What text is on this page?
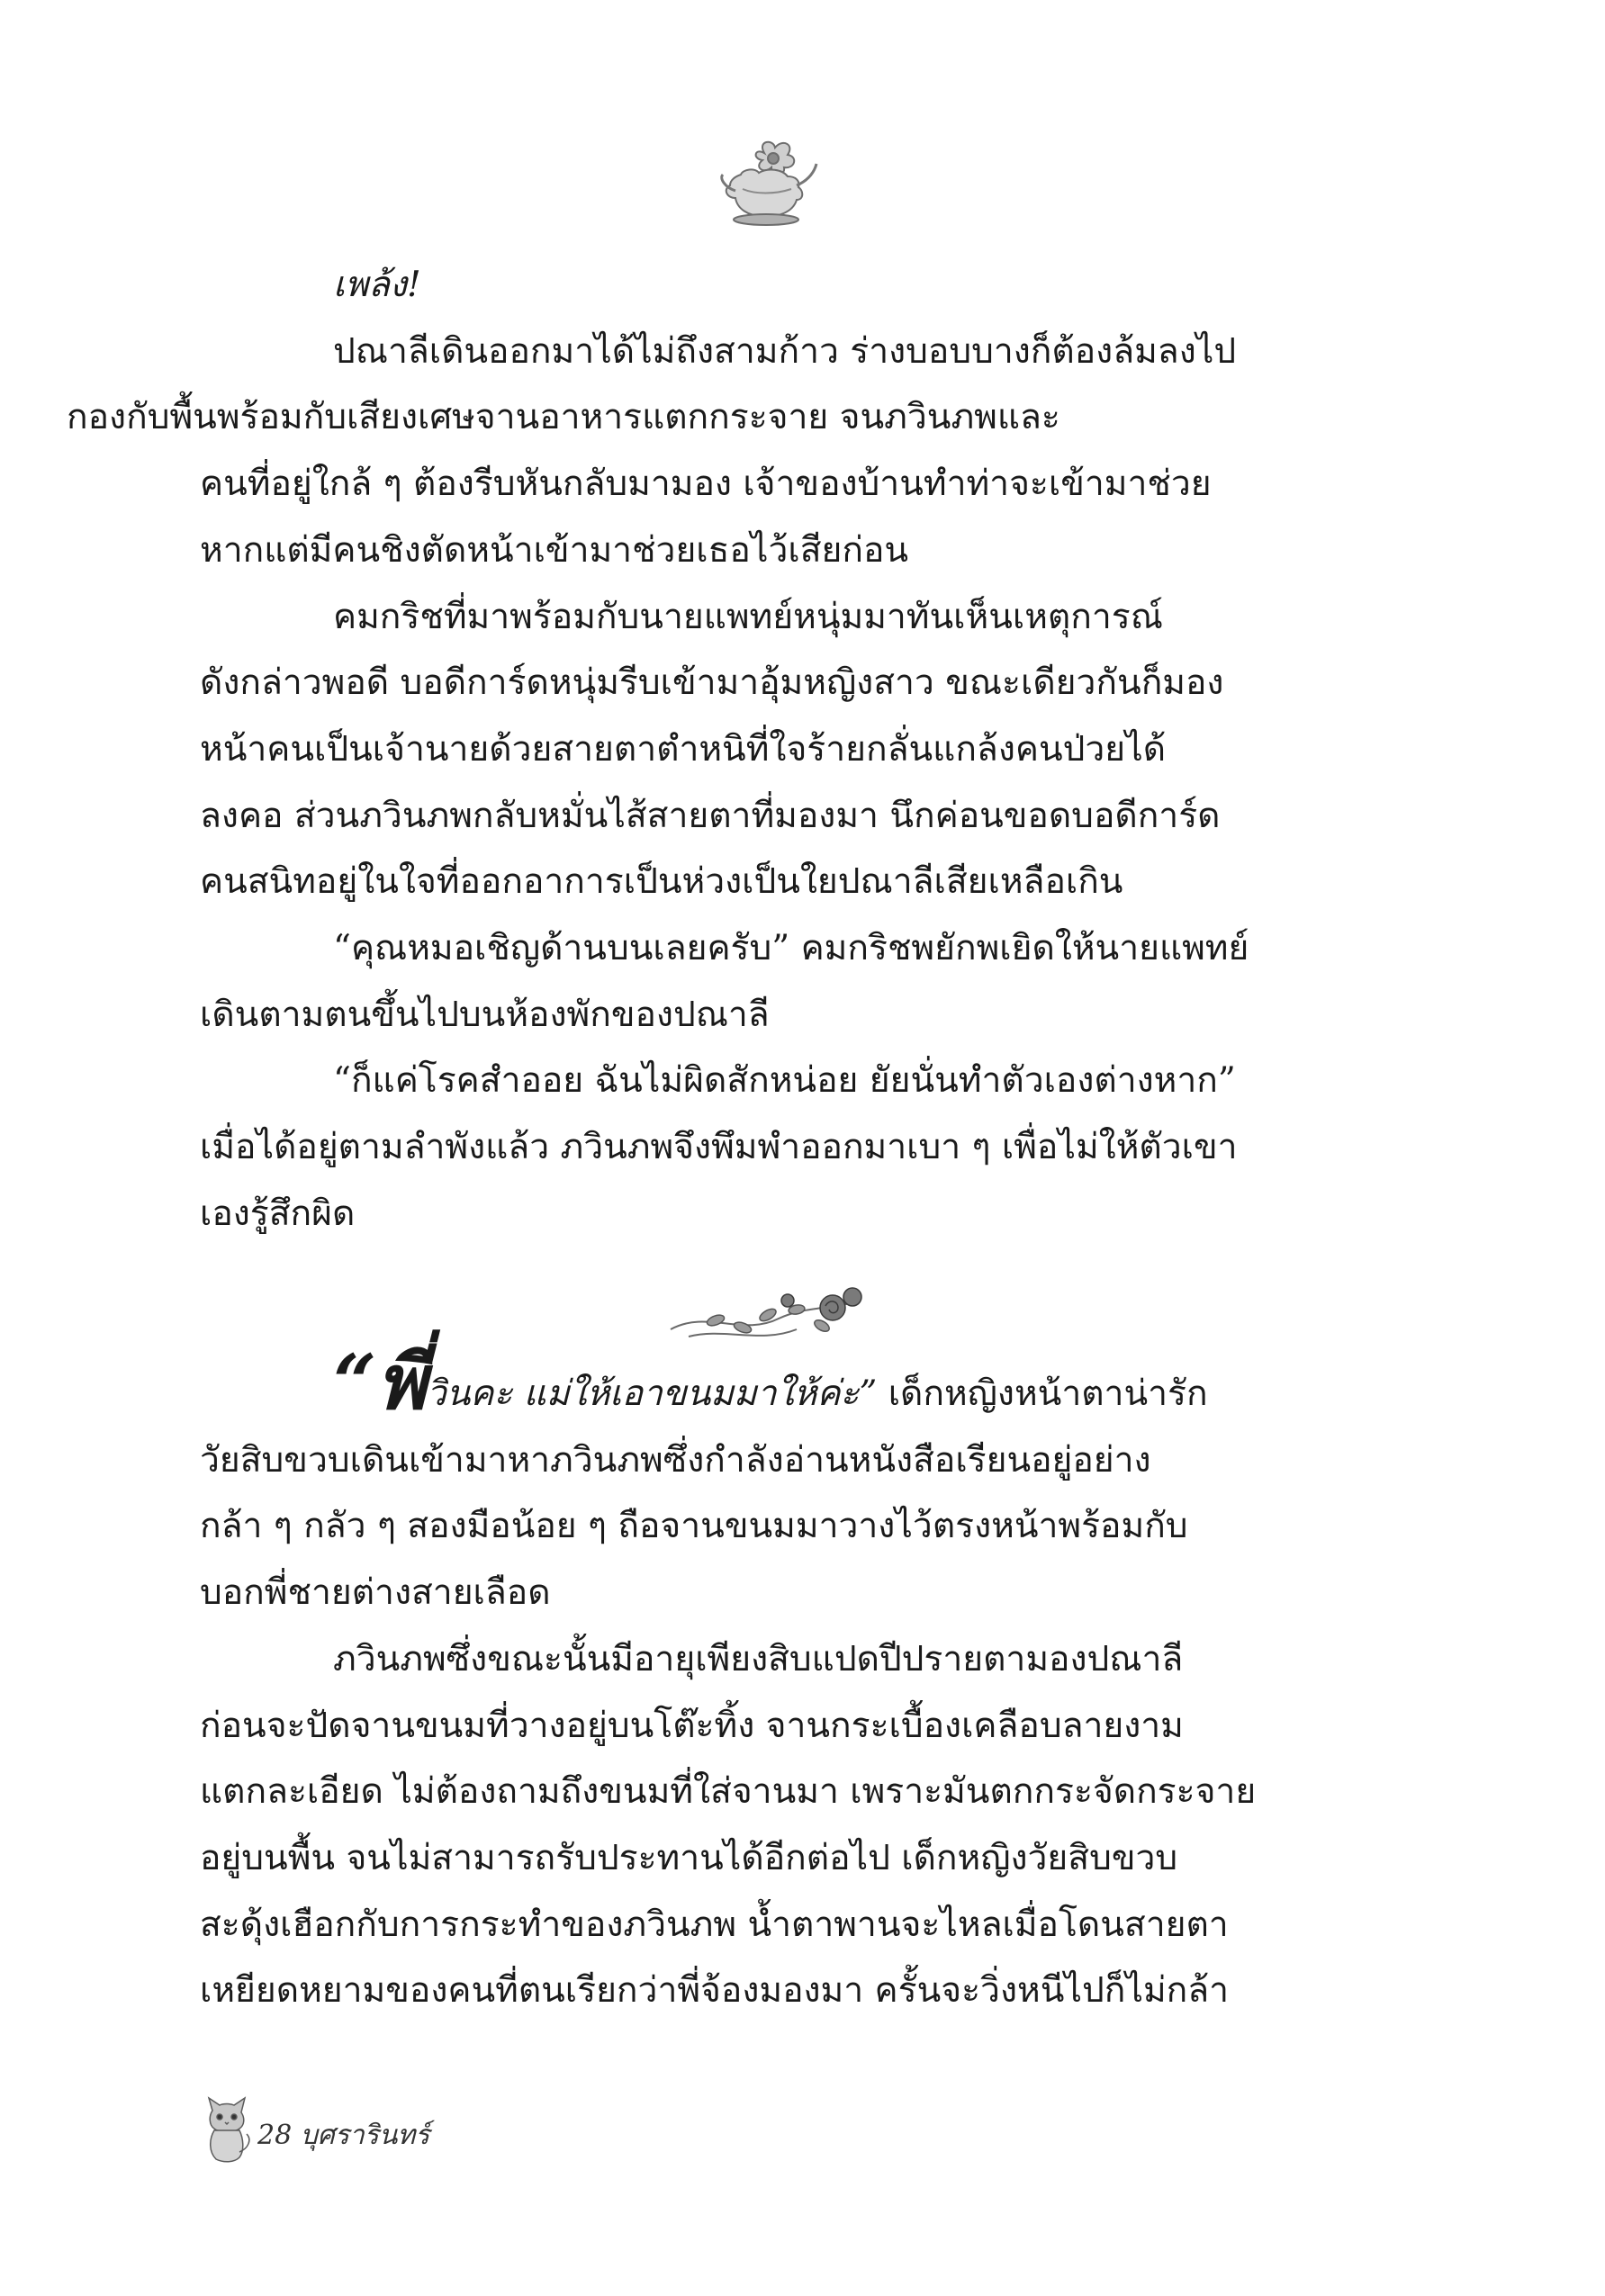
เพล้ง!

ปณาลีเดินออกมาได้ไม่ถึงสามก้าว ร่างบอบบางก็ต้องล้มลงไป
กองกับพื้นพร้อมกับเสียงเศษจานอาหารแตกกระจาย จนภวินภพและ
คนที่อยู่ใกล้ ๆ ต้องรีบหันกลับมามอง เจ้าของบ้านทำท่าจะเข้ามาช่วย
หากแต่มีคนชิงตัดหน้าเข้ามาช่วยเธอไว้เสียก่อน

คมกริชที่มาพร้อมกับนายแพทย์หนุ่มมาทันเห็นเหตุการณ์
ดังกล่าวพอดี บอดีการ์ดหนุ่มรีบเข้ามาอุ้มหญิงสาว ขณะเดียวกันก็มอง
หน้าคนเป็นเจ้านายด้วยสายตาตำหนิที่ใจร้ายกลั่นแกล้งคนป่วยได้
ลงคอ ส่วนภวินภพกลับหมั่นไส้สายตาที่มองมา นึกค่อนขอดบอดีการ์ด
คนสนิทอยู่ในใจที่ออกอาการเป็นห่วงเป็นใยปณาลีเสียเหลือเกิน

“คุณหมอเชิญด้านบนเลยครับ” คมกริชพยักพเยิดให้นายแพทย์
เดินตามตนขึ้นไปบนห้องพักของปณาลี

“ก็แค่โรคสำออย ฉันไม่ผิดสักหน่อย ยัยนั่นทำตัวเองต่างหาก”
เมื่อได้อยู่ตามลำพังแล้ว ภวินภพจึงพึมพำออกมาเบา ๆ เพื่อไม่ให้ตัวเขา
เองรู้สึกผิด

“พี่วินคะ แม่ให้เอาขนมมาให้ค่ะ” เด็กหญิงหน้าตาน่ารัก
วัยสิบขวบเดินเข้ามาหาภวินภพซึ่งกำลังอ่านหนังสือเรียนอยู่อย่าง
กล้า ๆ กลัว ๆ สองมือน้อย ๆ ถือจานขนมมาวางไว้ตรงหน้าพร้อมกับ
บอกพี่ชายต่างสายเลือด

ภวินภพซึ่งขณะนั้นมีอายุเพียงสิบแปดปีปรายตามองปณาลี
ก่อนจะปัดจานขนมที่วางอยู่บนโต๊ะทิ้ง จานกระเบื้องเคลือบลายงาม
แตกละเอียด ไม่ต้องถามถึงขนมที่ใส่จานมา เพราะมันตกกระจัดกระจาย
อยู่บนพื้น จนไม่สามารถรับประทานได้อีกต่อไป เด็กหญิงวัยสิบขวบ
สะดุ้งเฮือกกับการกระทำของภวินภพ น้ำตาพานจะไหลเมื่อโดนสายตา
เหยียดหยามของคนที่ตนเรียกว่าพี่จ้องมองมา ครั้นจะวิ่งหนีไปก็ไม่กล้า

28 บุศรารินทร์
